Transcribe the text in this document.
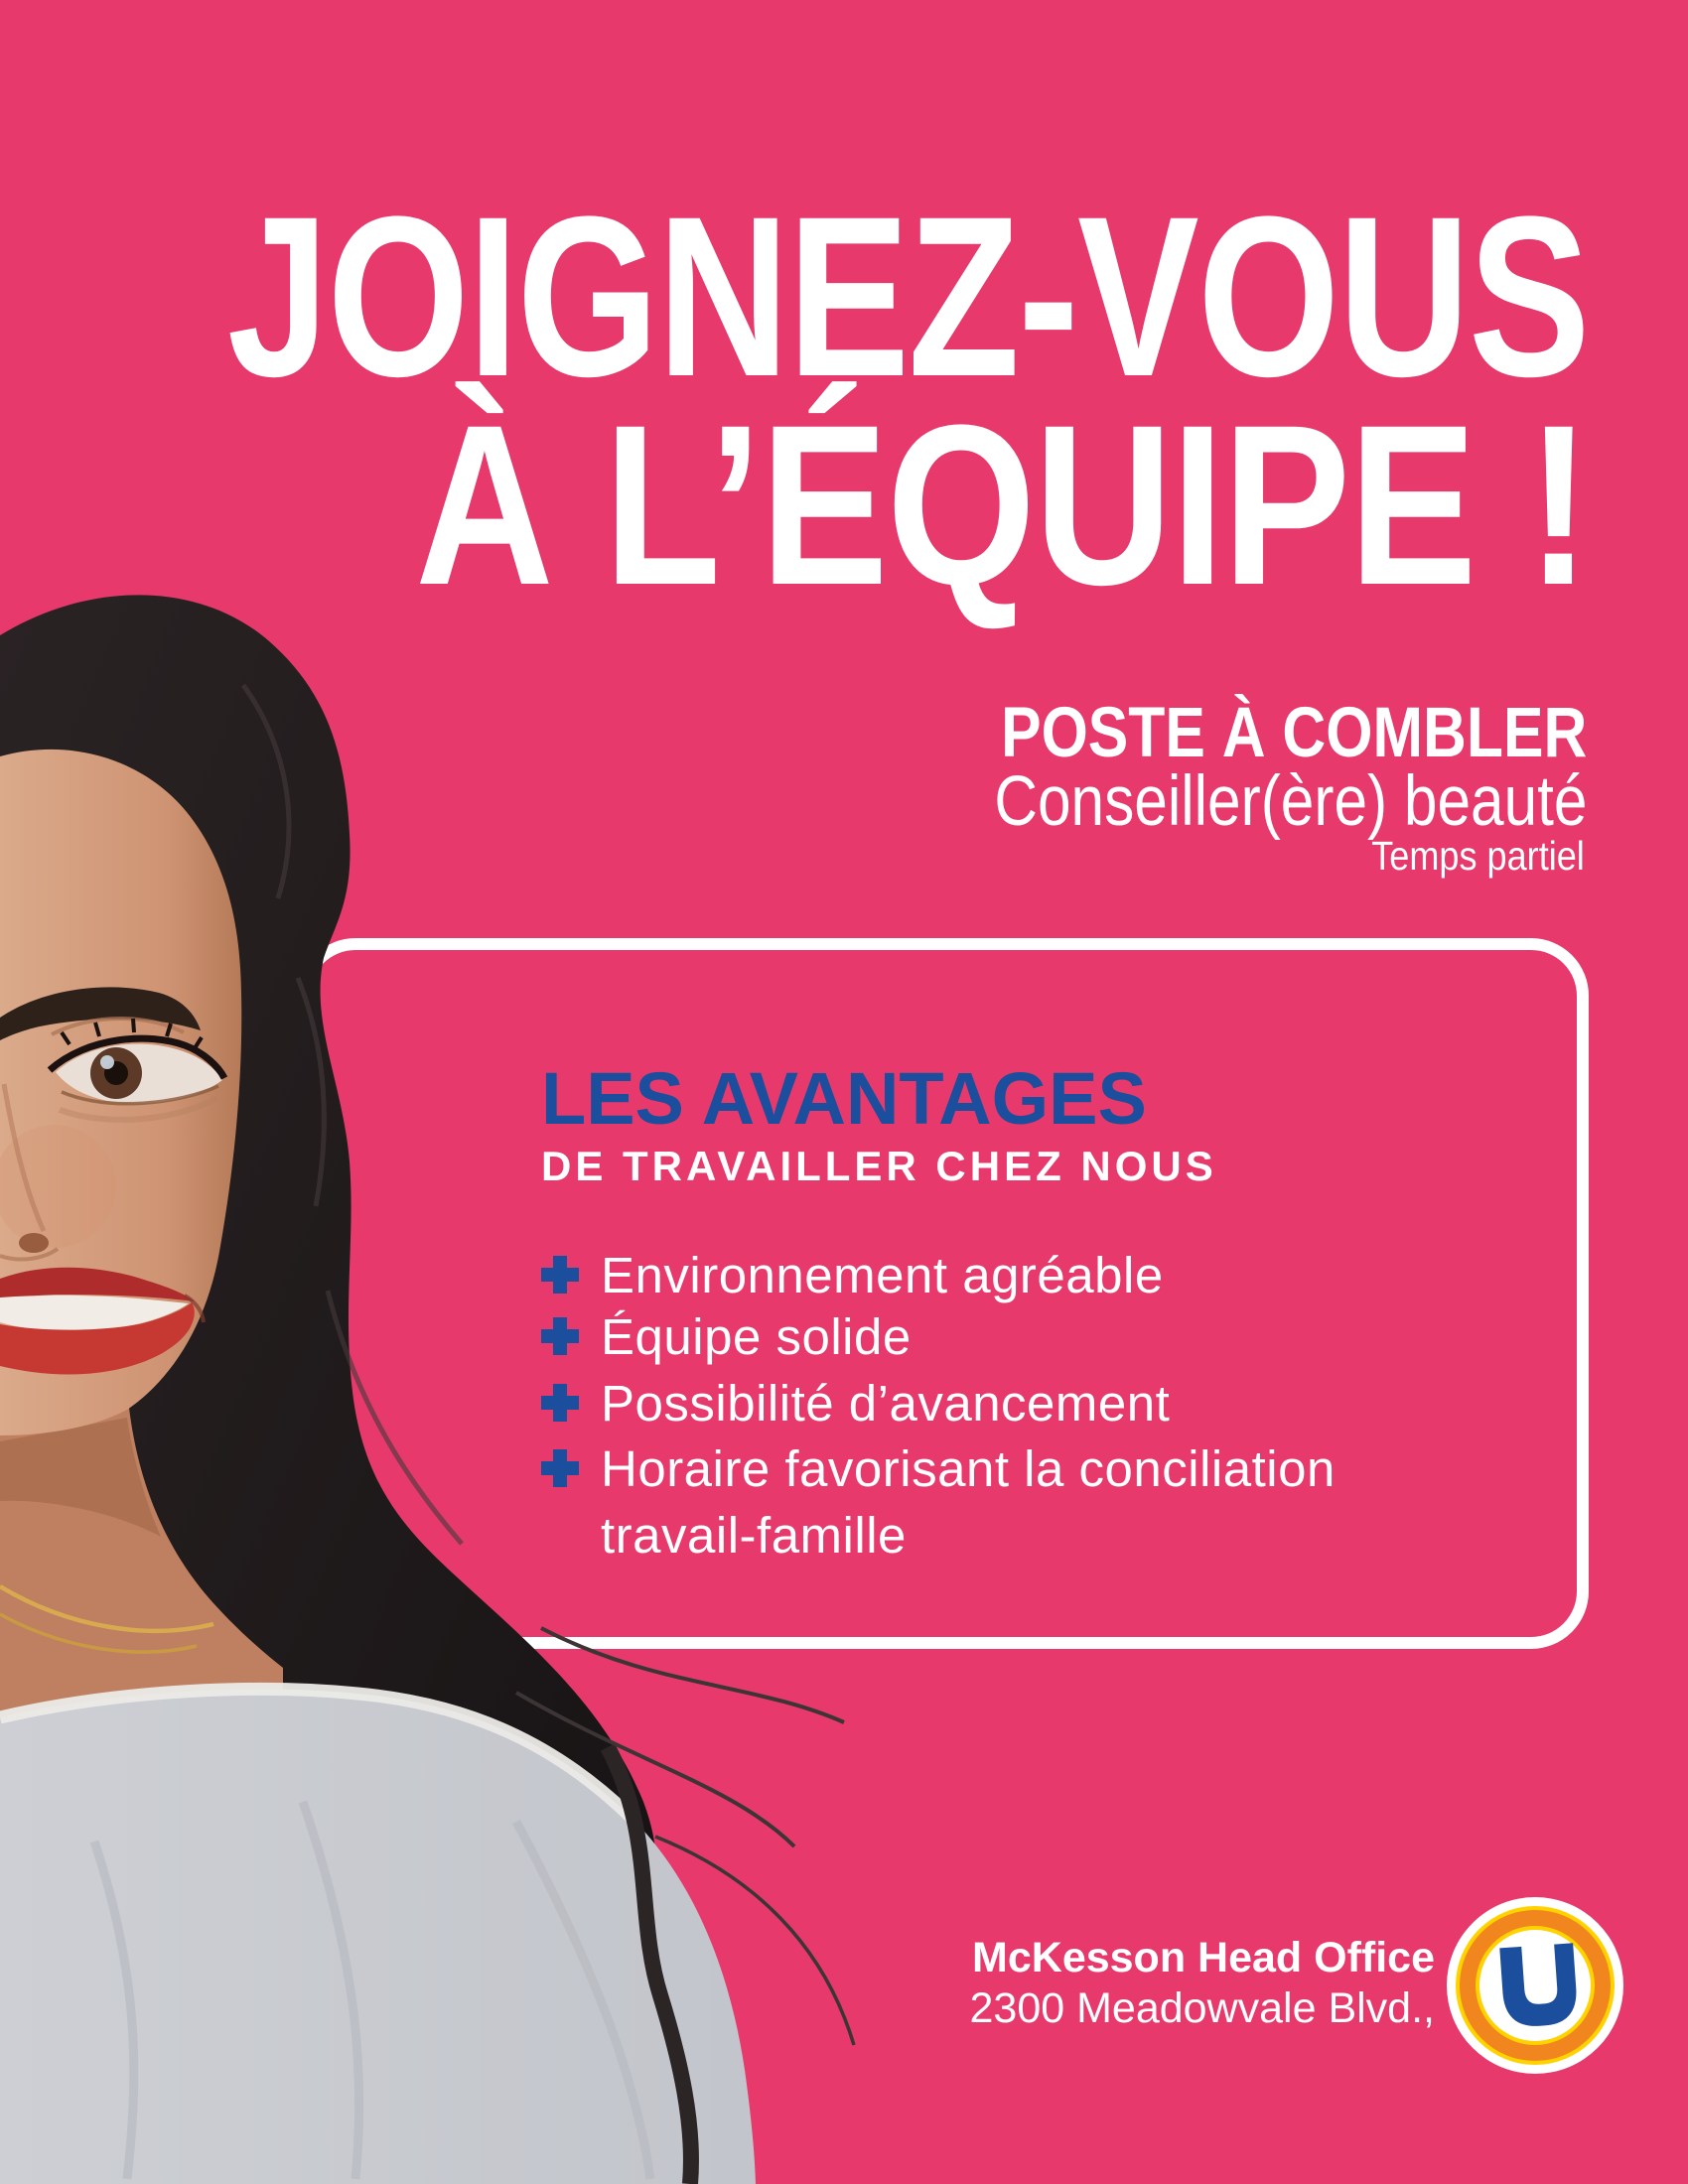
JOIGNEZ-VOUS
À L’ÉQUIPE !
POSTE À COMBLER
Conseiller(ère) beauté
Temps partiel
LES AVANTAGES
DE TRAVAILLER CHEZ NOUS
Environnement agréable
Équipe solide
Possibilité d’avancement
Horaire favorisant la conciliation
travail-famille
McKesson Head Office
2300 Meadowvale Blvd.,
